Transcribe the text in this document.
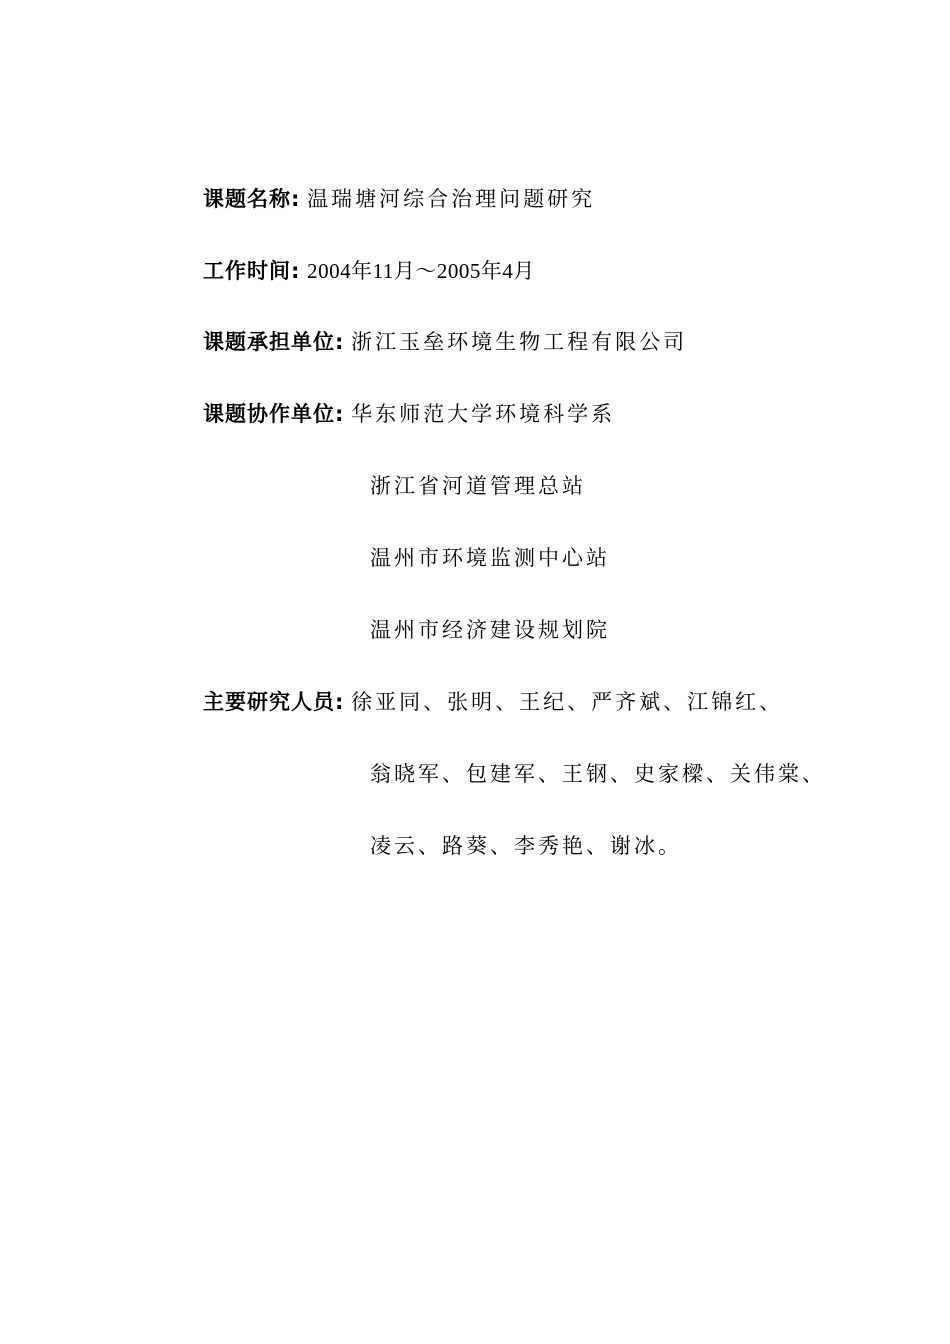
课题名称: 温瑞塘河综合治理问题研究
工作时间: 2004年11月～2005年4月
课题承担单位: 浙江玉垒环境生物工程有限公司
课题协作单位: 华东师范大学环境科学系
浙江省河道管理总站
温州市环境监测中心站
温州市经济建设规划院
主要研究人员: 徐亚同、张明、王纪、严齐斌、江锦红、
翁晓军、包建军、王钢、史家樑、关伟棠、
凌云、路葵、李秀艳、谢冰。
